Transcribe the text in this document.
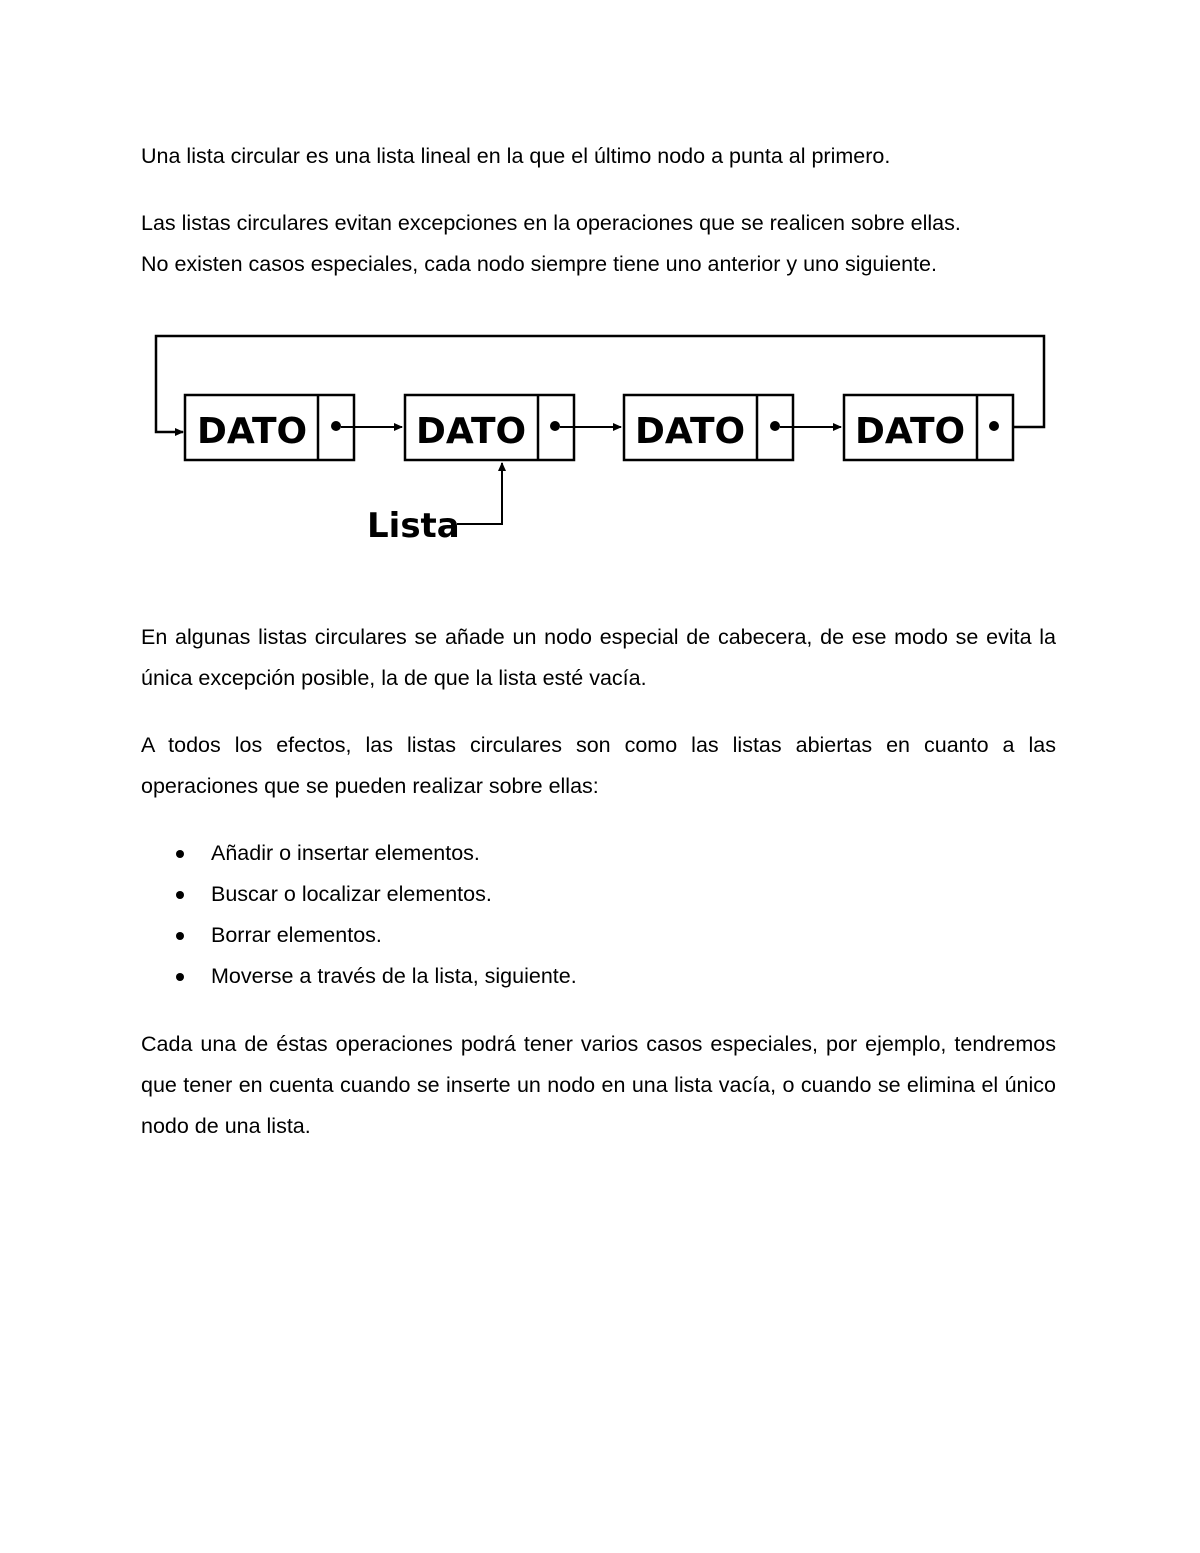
Una lista circular es una lista lineal en la que el último nodo a punta al primero.

Las listas circulares evitan excepciones en la operaciones que se realicen sobre ellas.
No existen casos especiales, cada nodo siempre tiene uno anterior y uno siguiente.
DATO	DATO	DATO	DATO
Lista

En algunas listas circulares se añade un nodo especial de cabecera, de ese modo se evita la única excepción posible, la de que la lista esté vacía.

A todos los efectos, las listas circulares son como las listas abiertas en cuanto a las operaciones que se pueden realizar sobre ellas:

Añadir o insertar elementos.
Buscar o localizar elementos.
Borrar elementos.
Moverse a través de la lista, siguiente.

Cada una de éstas operaciones podrá tener varios casos especiales, por ejemplo, tendremos que tener en cuenta cuando se inserte un nodo en una lista vacía, o cuando se elimina el único nodo de una lista.
